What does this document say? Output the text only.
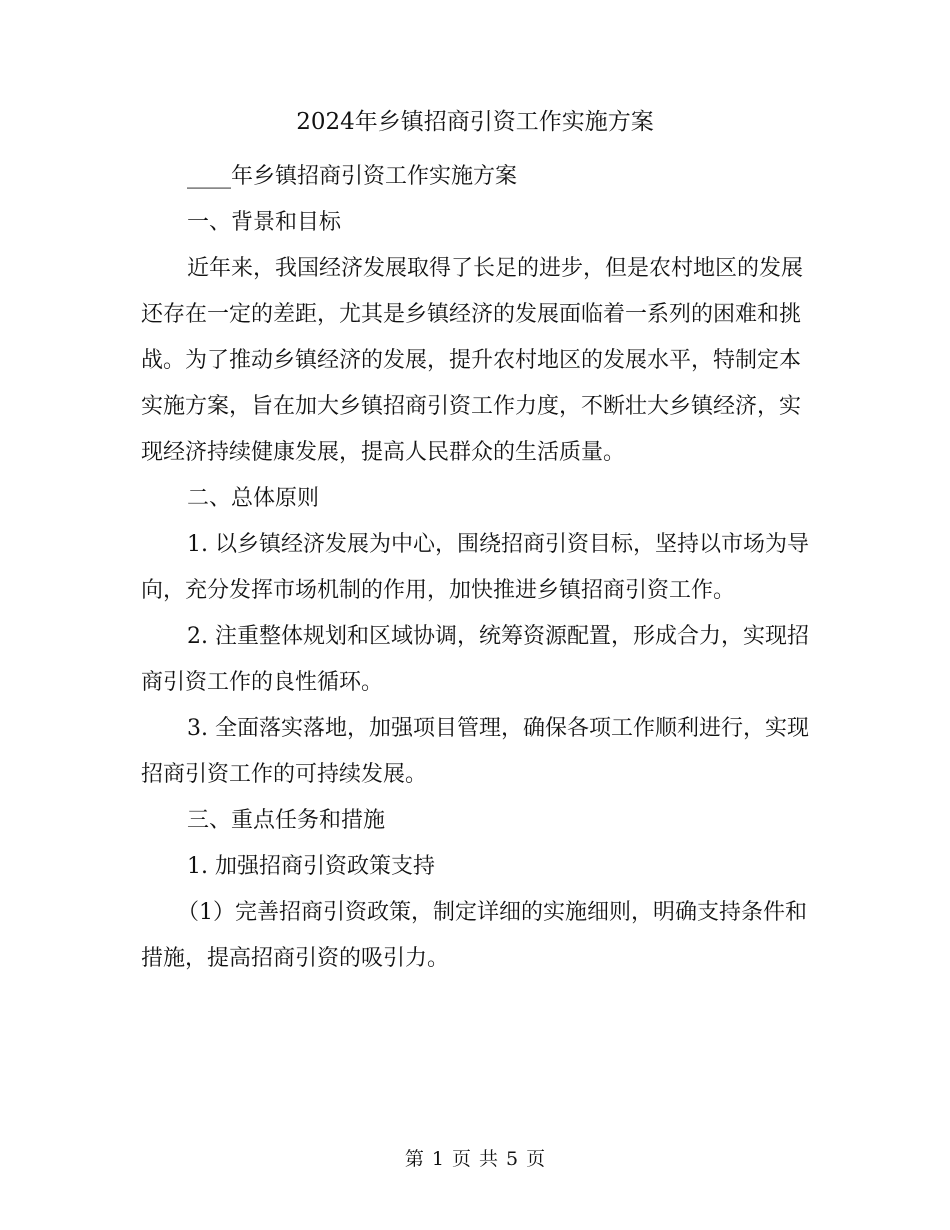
2024年乡镇招商引资工作实施方案

____年乡镇招商引资工作实施方案

一、背景和目标

近年来，我国经济发展取得了长足的进步，但是农村地区的发展还存在一定的差距，尤其是乡镇经济的发展面临着一系列的困难和挑战。为了推动乡镇经济的发展，提升农村地区的发展水平，特制定本实施方案，旨在加大乡镇招商引资工作力度，不断壮大乡镇经济，实现经济持续健康发展，提高人民群众的生活质量。

二、总体原则

1. 以乡镇经济发展为中心，围绕招商引资目标，坚持以市场为导向，充分发挥市场机制的作用，加快推进乡镇招商引资工作。

2. 注重整体规划和区域协调，统筹资源配置，形成合力，实现招商引资工作的良性循环。

3. 全面落实落地，加强项目管理，确保各项工作顺利进行，实现招商引资工作的可持续发展。

三、重点任务和措施

1. 加强招商引资政策支持

（1）完善招商引资政策，制定详细的实施细则，明确支持条件和措施，提高招商引资的吸引力。

第 1 页 共 5 页
